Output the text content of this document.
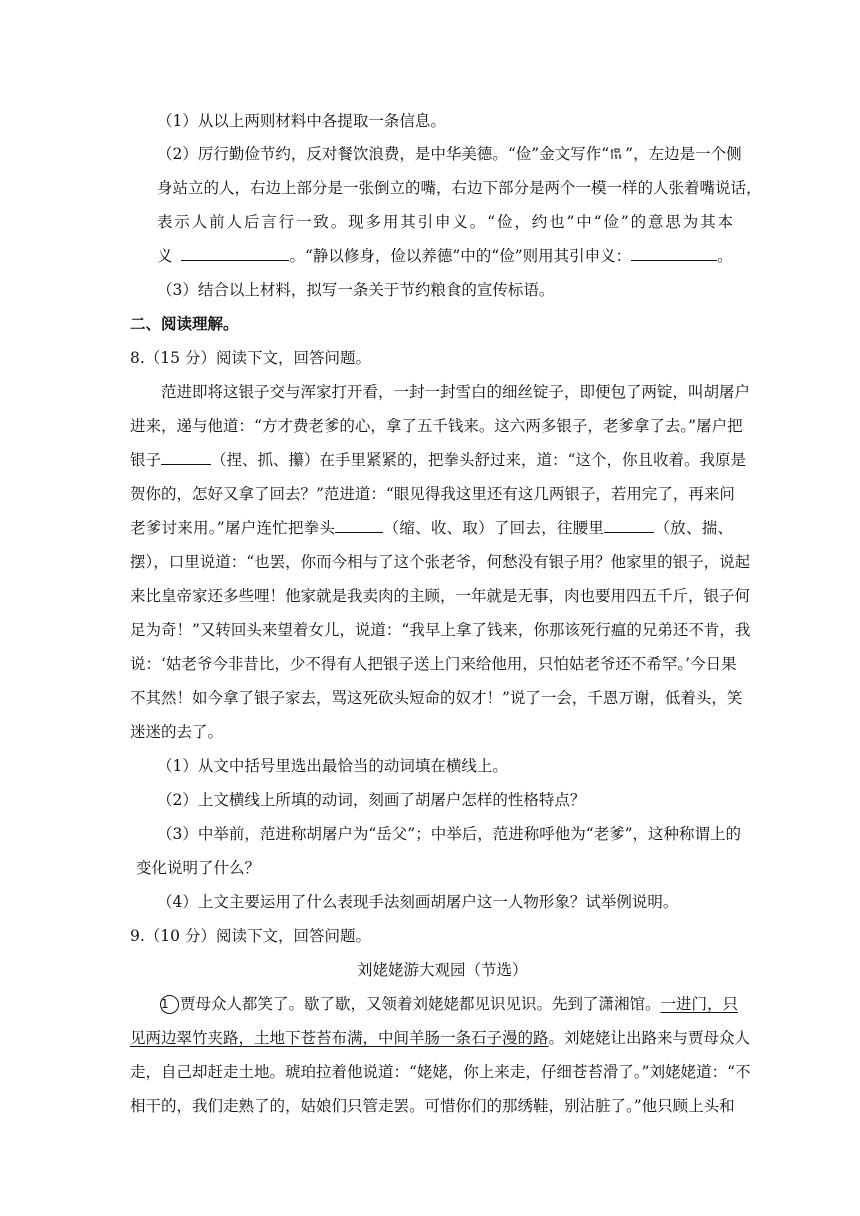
（1）从以上两则材料中各提取一条信息。
（2）厉行勤俭节约，反对餐饮浪费，是中华美德。“俭”金文写作“ ”，左边是一个侧
身站立的人，右边上部分是一张倒立的嘴，右边下部分是两个一模一样的人张着嘴说话，
表示人前人后言行一致。现多用其引申义。“俭，约也”中“俭”的意思为其本
义	。“静以修身，俭以养德”中的“俭”则用其引申义：	。
（3）结合以上材料，拟写一条关于节约粮食的宣传标语。
二、阅读理解。
8.（15 分）阅读下文，回答问题。
范进即将这银子交与浑家打开看，一封一封雪白的细丝锭子，即便包了两锭，叫胡屠户
进来，递与他道：“方才费老爹的心，拿了五千钱来。这六两多银子，老爹拿了去。”屠户把
银子	（捏、抓、攥）在手里紧紧的，把拳头舒过来，道：“这个，你且收着。我原是
贺你的，怎好又拿了回去？”范进道：“眼见得我这里还有这几两银子，若用完了，再来问
老爹讨来用。”屠户连忙把拳头	（缩、收、取）了回去，往腰里	（放、揣、
摆），口里说道：“也罢，你而今相与了这个张老爷，何愁没有银子用？他家里的银子，说起
来比皇帝家还多些哩！他家就是我卖肉的主顾，一年就是无事，肉也要用四五千斤，银子何
足为奇！”又转回头来望着女儿，说道：“我早上拿了钱来，你那该死行瘟的兄弟还不肯，我
说：‘姑老爷今非昔比，少不得有人把银子送上门来给他用，只怕姑老爷还不希罕。’今日果
不其然！如今拿了银子家去，骂这死砍头短命的奴才！”说了一会，千恩万谢，低着头，笑
迷迷的去了。
（1）从文中括号里选出最恰当的动词填在横线上。
（2）上文横线上所填的动词，刻画了胡屠户怎样的性格特点？
（3）中举前，范进称胡屠户为“岳父”；中举后，范进称呼他为“老爹”，这种称谓上的
变化说明了什么？
（4）上文主要运用了什么表现手法刻画胡屠户这一人物形象？试举例说明。
9.（10 分）阅读下文，回答问题。
刘姥姥游大观园（节选）
1 贾母众人都笑了。歇了歇，又领着刘姥姥都见识见识。先到了潇湘馆。一进门，只
见两边翠竹夹路，土地下苍苔布满，中间羊肠一条石子漫的路。刘姥姥让出路来与贾母众人
走，自己却赶走土地。琥珀拉着他说道：“姥姥，你上来走，仔细苍苔滑了。”刘姥姥道：“不
相干的，我们走熟了的，姑娘们只管走罢。可惜你们的那绣鞋，别沾脏了。”他只顾上头和
